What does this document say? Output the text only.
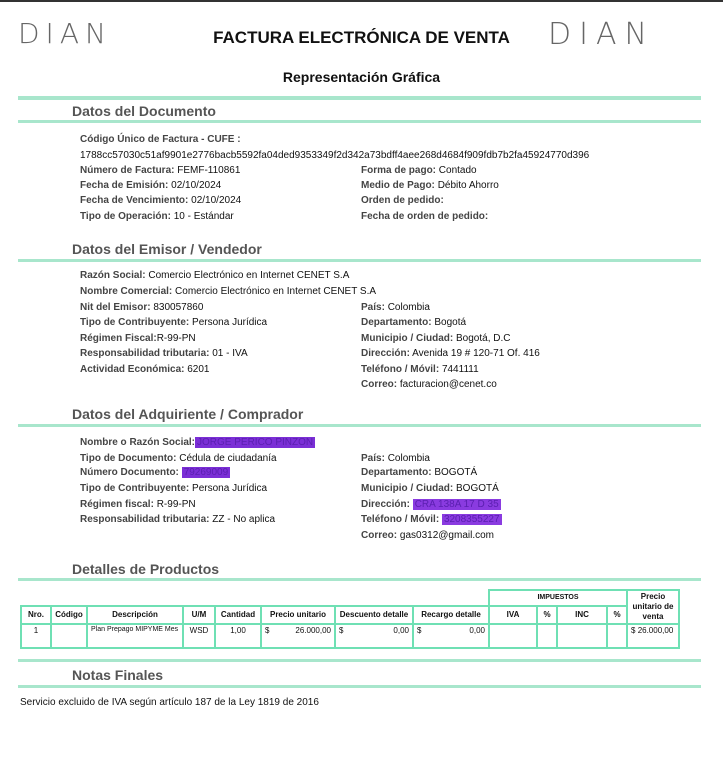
DIAN	FACTURA ELECTRÓNICA DE VENTA	DIAN
Representación Gráfica
Datos del Documento
Código Único de Factura - CUFE :
1788cc57030c51af9901e2776bacb5592fa04ded9353349f2d342a73bdff4aee268d4684f909fdb7b2fa45924770d396
Número de Factura: FEMF-110861
Fecha de Emisión: 02/10/2024
Fecha de Vencimiento: 02/10/2024
Tipo de Operación: 10 - Estándar
Forma de pago: Contado
Medio de Pago: Débito Ahorro
Orden de pedido:
Fecha de orden de pedido:
Datos del Emisor / Vendedor
Razón Social: Comercio Electrónico en Internet CENET S.A
Nombre Comercial: Comercio Electrónico en Internet CENET S.A
Nit del Emisor: 830057860
Tipo de Contribuyente: Persona Jurídica
Régimen Fiscal:R-99-PN
Responsabilidad tributaria: 01 - IVA
Actividad Económica: 6201
País: Colombia
Departamento: Bogotá
Municipio / Ciudad: Bogotá, D.C
Dirección: Avenida 19 # 120-71 Of. 416
Teléfono / Móvil: 7441111
Correo: facturacion@cenet.co
Datos del Adquiriente / Comprador
Nombre o Razón Social: JORGE PERICO PINZON
Tipo de Documento: Cédula de ciudadanía
Número Documento: 79269009
Tipo de Contribuyente: Persona Jurídica
Régimen fiscal: R-99-PN
Responsabilidad tributaria: ZZ - No aplica
País: Colombia
Departamento: BOGOTÁ
Municipio / Ciudad: BOGOTÁ
Dirección: CRA 138A 17 D 35
Teléfono / Móvil: 3208355227
Correo: gas0312@gmail.com
Detalles de Productos
								IMPUESTOS				Precio unitario de venta
Nro.	Código	Descripción	U/M	Cantidad	Precio unitario	Descuento detalle	Recargo detalle	IVA	%	INC	%	
1		Plan Prepago MIPYME Mes	WSD	1,00	$ 26.000,00	$ 0,00	$ 0,00					$ 26.000,00
Notas Finales
Servicio excluido de IVA según artículo 187 de la Ley 1819 de 2016
